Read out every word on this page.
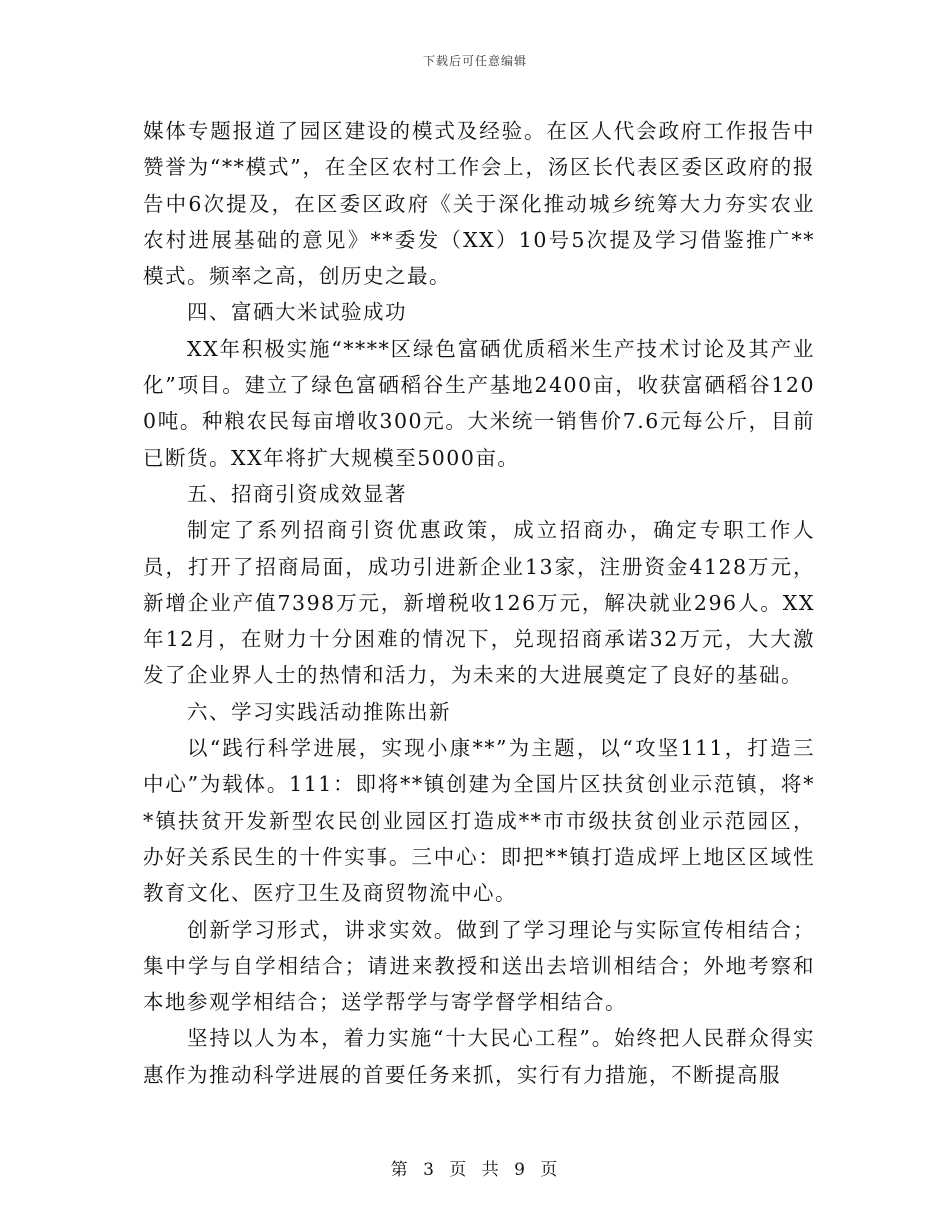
下载后可任意编辑

媒体专题报道了园区建设的模式及经验。在区人代会政府工作报告中赞誉为“**模式”，在全区农村工作会上，汤区长代表区委区政府的报告中6次提及，在区委区政府《关于深化推动城乡统筹大力夯实农业农村进展基础的意见》**委发（XX）10号5次提及学习借鉴推广**模式。频率之高，创历史之最。

四、富硒大米试验成功

XX年积极实施“****区绿色富硒优质稻米生产技术讨论及其产业化”项目。建立了绿色富硒稻谷生产基地2400亩，收获富硒稻谷1200吨。种粮农民每亩增收300元。大米统一销售价7.6元每公斤，目前已断货。XX年将扩大规模至5000亩。

五、招商引资成效显著

制定了系列招商引资优惠政策，成立招商办，确定专职工作人员，打开了招商局面，成功引进新企业13家，注册资金4128万元，新增企业产值7398万元，新增税收126万元，解决就业296人。XX年12月，在财力十分困难的情况下，兑现招商承诺32万元，大大激发了企业界人士的热情和活力，为未来的大进展奠定了良好的基础。

六、学习实践活动推陈出新

以“践行科学进展，实现小康**”为主题，以“攻坚111，打造三中心”为载体。111：即将**镇创建为全国片区扶贫创业示范镇，将**镇扶贫开发新型农民创业园区打造成**市市级扶贫创业示范园区，办好关系民生的十件实事。三中心：即把**镇打造成坪上地区区域性教育文化、医疗卫生及商贸物流中心。

创新学习形式，讲求实效。做到了学习理论与实际宣传相结合；集中学与自学相结合；请进来教授和送出去培训相结合；外地考察和本地参观学相结合；送学帮学与寄学督学相结合。

坚持以人为本，着力实施“十大民心工程”。始终把人民群众得实惠作为推动科学进展的首要任务来抓，实行有力措施，不断提高服

第 3 页 共 9 页
